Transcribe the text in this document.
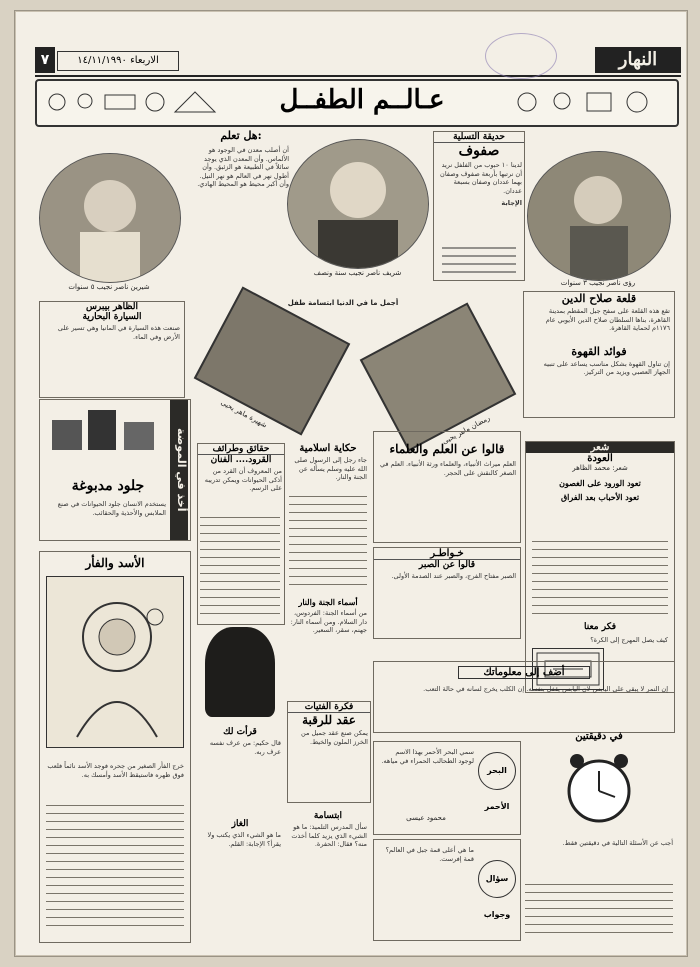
النهار
الاربعاء ١٤/١١/١٩٩٠
٧
عـالــم الطفــل
شيرين ناصر نجيب ٥ سنوات
شريف ناصر نجيب سنة ونصف
رؤى ناصر نجيب ٣ سنوات
هل تعلم:
أن أصلب معدن في الوجود هو الألماس. وأن المعدن الذي يوجد سائلاً في الطبيعة هو الزئبق. وأن أطول نهر في العالم هو نهر النيل. وأن أكبر محيط هو المحيط الهادي.
حديقة التسلية
صفوف
لدينا ١٠ حبوب من الفلفل نريد أن نرتبها بأربعة صفوف وصفان بهما عددان وصفان بسبعة عددان.
الإجابة
قلعة صلاح الدين
تقع هذه القلعة على سفح جبل المقطم بمدينة القاهرة، بناها السلطان صلاح الدين الأيوبي عام ١١٧٦م لحماية القاهرة.
فوائد القهوة
إن تناول القهوة بشكل مناسب يساعد على تنبيه الجهاز العصبي ويزيد من التركيز.
أجمل ما في الدنيا ابتسامة طفل
شهيرة ماهر يحيى
رمضان ماهر يحيى
الظاهر بيبرس
السيارة البحارية
صنعت هذه السيارة في المانيا وهي تسير على الأرض وفي الماء.
جلود مدبوغة
يستخدم الانسان جلود الحيوانات في صنع الملابس والأحذية والحقائب.
أخذ في الموضة
الأسد والفأر
خرج الفأر الصغير من جحره فوجد الأسد نائماً فلعب فوق ظهره فاستيقظ الأسد وأمسك به.
حقائق وطرائف
القرود.... الفنان
من المعروف أن القرد من أذكى الحيوانات ويمكن تدريبه على الرسم.
حكاية اسلامية
جاء رجل إلى الرسول صلى الله عليه وسلم يسأله عن الجنة والنار.
قالوا عن العلم والعلماء
العلم ميراث الأنبياء، والعلماء ورثة الأنبياء. العلم في الصغر كالنقش على الحجر.
شعر
العودة
شعر: محمد الظاهر
تعود الورود على الغصون
تعود الأحباب بعد الفراق
فكر معنا
كيف يصل المهرج إلى الكرة؟
خـواطـر
قالوا عن الصبر
الصبر مفتاح الفرج، والصبر عند الصدمة الأولى.
أسماء الجنة والنار
من أسماء الجنة: الفردوس، دار السلام. ومن أسماء النار: جهنم، سقر، السعير.
فكرة الفتيات
عقد للرقبة
يمكن صنع عقد جميل من الخرز الملون والخيط.
قرأت لك
قال حكيم: من عرف نفسه عرف ربه.
الغاز
ما هو الشيء الذي يكتب ولا يقرأ؟ الإجابة: القلم.
ابتسامة
سأل المدرس التلميذ: ما هو الشيء الذي يزيد كلما أخذت منه؟ فقال: الحفرة.
أضف إلى معلوماتك
إن النمر لا يبقى على اليابس لان اليابس يقفل بنفسه. إن الكلب يخرج لسانه في حالة التعب.
في دقيقتين
أجب عن الأسئلة التالية في دقيقتين فقط.
البحر الأحمر
سمي البحر الأحمر بهذا الاسم لوجود الطحالب الحمراء في مياهه.
محمود عيسى
سؤال وجواب
ما هي أعلى قمة جبل في العالم؟ قمة إفرست.
